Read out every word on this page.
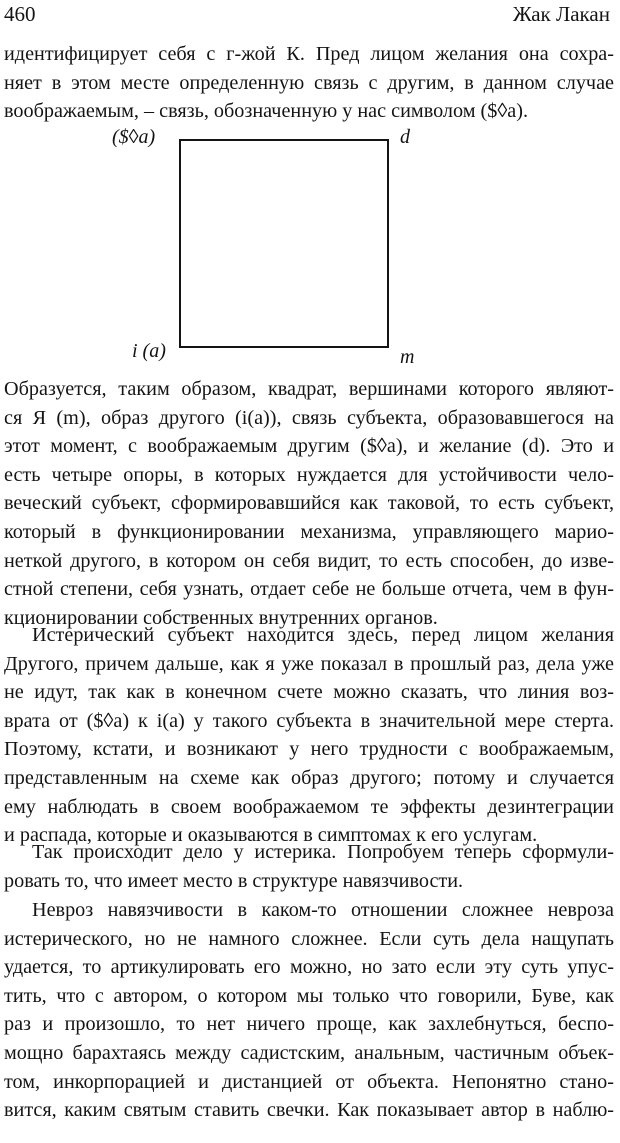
460	Жак Лакан
идентифицирует себя с г-жой К. Пред лицом желания она сохра-
няет в этом месте определенную связь с другим, в данном случае
воображаемым, – связь, обозначенную у нас символом ($◊a).
($◊a)	d
i (a)	m
Образуется, таким образом, квадрат, вершинами которого являют-
ся Я (m), образ другого (i(a)), связь субъекта, образовавшегося на
этот момент, с воображаемым другим ($◊a), и желание (d). Это и
есть четыре опоры, в которых нуждается для устойчивости чело-
веческий субъект, сформировавшийся как таковой, то есть субъект,
который в функционировании механизма, управляющего марио-
неткой другого, в котором он себя видит, то есть способен, до изве-
стной степени, себя узнать, отдает себе не больше отчета, чем в фун-
кционировании собственных внутренних органов.
Истерический субъект находится здесь, перед лицом желания
Другого, причем дальше, как я уже показал в прошлый раз, дела уже
не идут, так как в конечном счете можно сказать, что линия воз-
врата от ($◊a) к i(a) у такого субъекта в значительной мере стерта.
Поэтому, кстати, и возникают у него трудности с воображаемым,
представленным на схеме как образ другого; потому и случается
ему наблюдать в своем воображаемом те эффекты дезинтеграции
и распада, которые и оказываются в симптомах к его услугам.
Так происходит дело у истерика. Попробуем теперь сформули-
ровать то, что имеет место в структуре навязчивости.
Невроз навязчивости в каком-то отношении сложнее невроза
истерического, но не намного сложнее. Если суть дела нащупать
удается, то артикулировать его можно, но зато если эту суть упус-
тить, что с автором, о котором мы только что говорили, Буве, как
раз и произошло, то нет ничего проще, как захлебнуться, беспо-
мощно барахтаясь между садистским, анальным, частичным объек-
том, инкорпорацией и дистанцией от объекта. Непонятно стано-
вится, каким святым ставить свечки. Как показывает автор в наблю-
